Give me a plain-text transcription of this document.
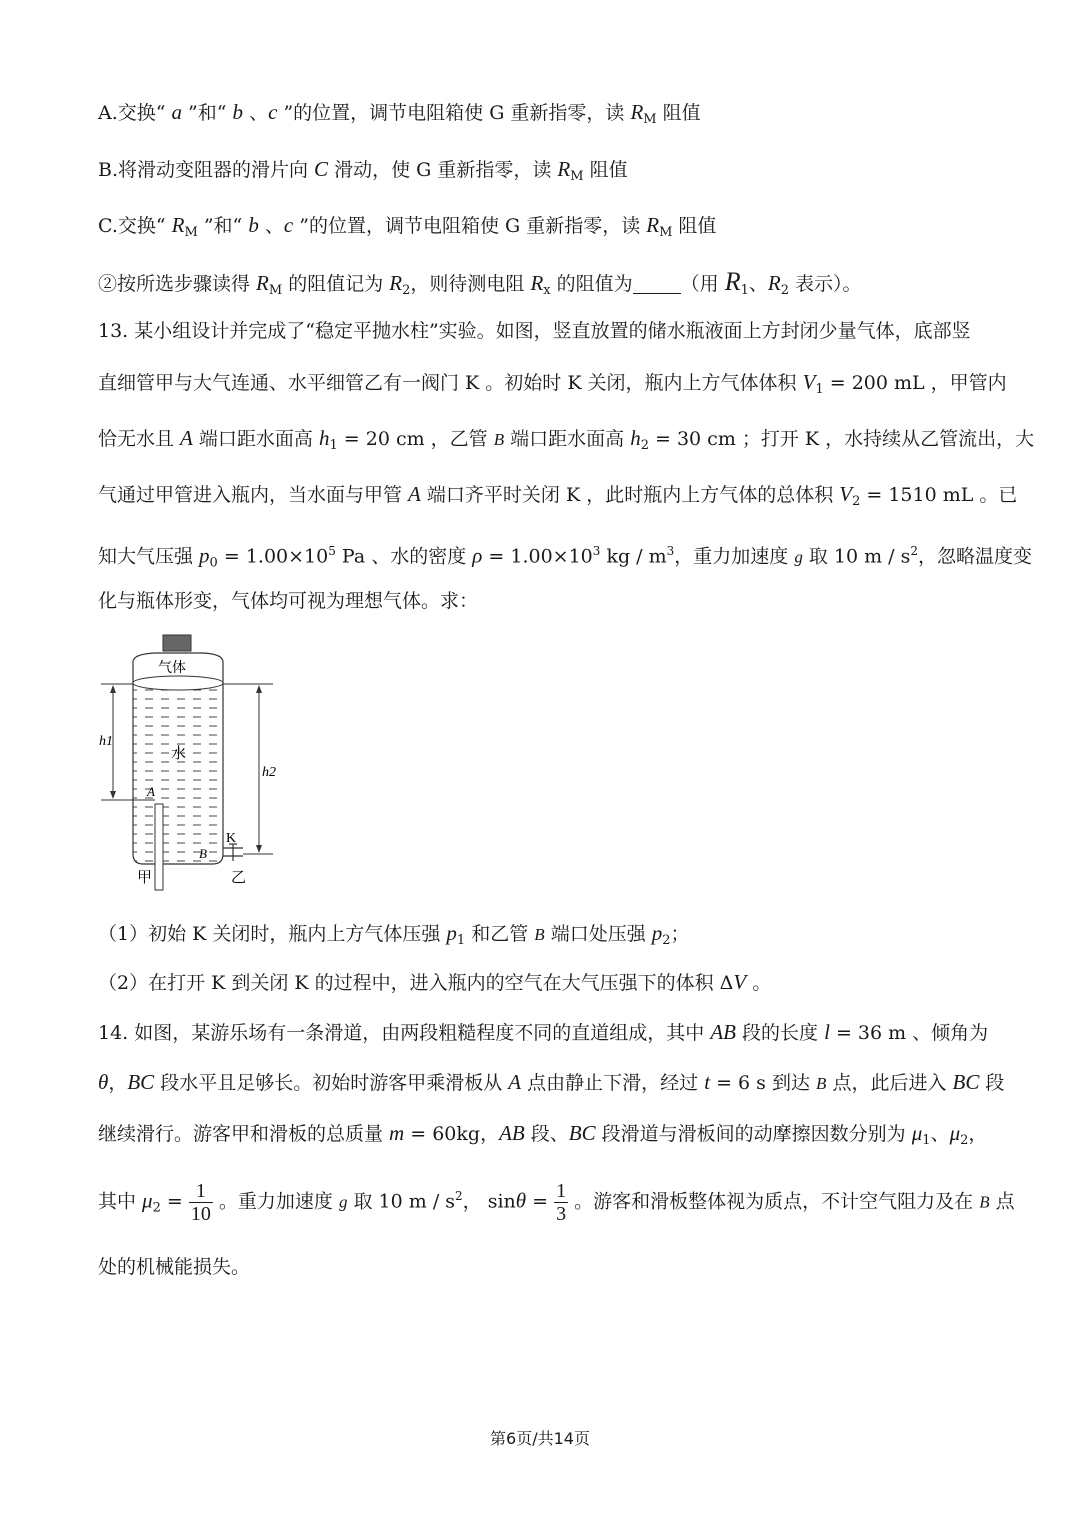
A.交换“ a ”和“ b 、c ”的位置，调节电阻箱使 G 重新指零，读 $R_M$ 阻值
B.将滑动变阻器的滑片向 C 滑动，使 G 重新指零，读 $R_M$ 阻值
C.交换“ $R_M$ ”和“ b 、c ”的位置，调节电阻箱使 G 重新指零，读 $R_M$ 阻值
②按所选步骤读得 $R_M$ 的阻值记为 $R_2$，则待测电阻 $R_x$ 的阻值为	（用 $R_1$、$R_2$ 表示）。
13. 某小组设计并完成了“稳定平抛水柱”实验。如图，竖直放置的储水瓶液面上方封闭少量气体，底部竖
直细管甲与大气连通、水平细管乙有一阀门 K 。初始时 K 关闭，瓶内上方气体体积 $V_1 = 200$ mL ，甲管内
恰无水且 A 端口距水面高 $h_1 = 20$ cm ，乙管 B 端口距水面高 $h_2 = 30$ cm ；打开 K ，水持续从乙管流出，大
气通过甲管进入瓶内，当水面与甲管 A 端口齐平时关闭 K ，此时瓶内上方气体的总体积 $V_2 = 1510$ mL 。已
知大气压强 $p_0 = 1.00\times 10^5$ Pa 、水的密度 $\rho = 1.00\times 10^3$ kg / $m^3$，重力加速度 g 取 10 m / $s^2$，忽略温度变
化与瓶体形变，气体均可视为理想气体。求：
气体
水
h1
h2
A
B
K
甲	乙
（1）初始 K 关闭时，瓶内上方气体压强 $p_1$ 和乙管 B 端口处压强 $p_2$；
（2）在打开 K 到关闭 K 的过程中，进入瓶内的空气在大气压强下的体积 ΔV 。
14. 如图，某游乐场有一条滑道，由两段粗糙程度不同的直道组成，其中 AB 段的长度 l = 36 m 、倾角为
θ，BC 段水平且足够长。初始时游客甲乘滑板从 A 点由静止下滑，经过 t = 6 s 到达 B 点，此后进入 BC 段
继续滑行。游客甲和滑板的总质量 m = 60kg，AB 段、BC 段滑道与滑板间的动摩擦因数分别为 $\mu_1$、$\mu_2$，
其中 $\mu_2 = \frac{1}{10}$ 。重力加速度 g 取 10 m / $s^2$， $\sin\theta = \frac{1}{3}$ 。游客和滑板整体视为质点，不计空气阻力及在 B 点
处的机械能损失。
第6页/共14页
